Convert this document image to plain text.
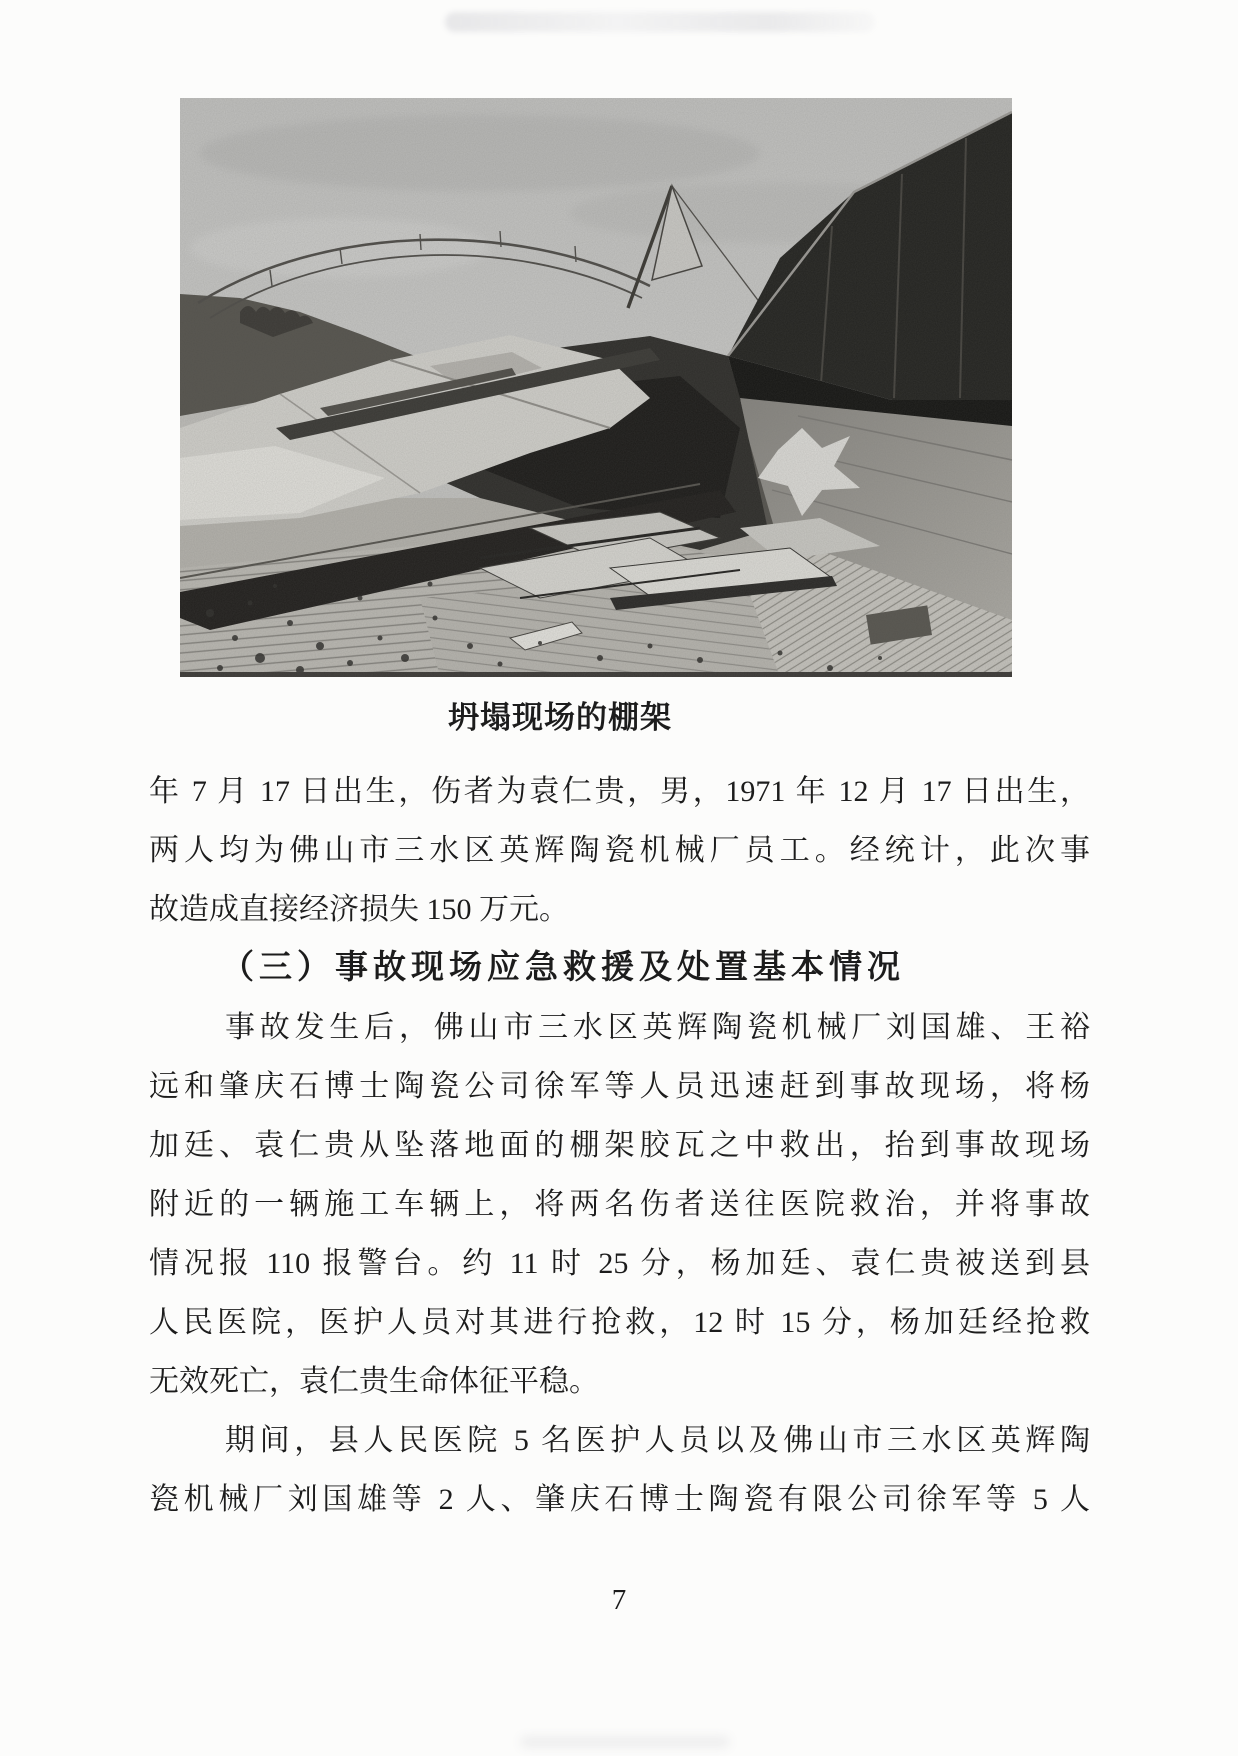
坍塌现场的棚架

年 7 月 17 日出生，伤者为袁仁贵，男，1971 年 12 月 17 日出生，

两人均为佛山市三水区英辉陶瓷机械厂员工。经统计，此次事

故造成直接经济损失 150 万元。

（三）事故现场应急救援及处置基本情况

事故发生后，佛山市三水区英辉陶瓷机械厂刘国雄、王裕

远和肇庆石博士陶瓷公司徐军等人员迅速赶到事故现场，将杨

加廷、袁仁贵从坠落地面的棚架胶瓦之中救出，抬到事故现场

附近的一辆施工车辆上，将两名伤者送往医院救治，并将事故

情况报 110 报警台。约 11 时 25 分，杨加廷、袁仁贵被送到县

人民医院，医护人员对其进行抢救，12 时 15 分，杨加廷经抢救

无效死亡，袁仁贵生命体征平稳。

期间，县人民医院 5 名医护人员以及佛山市三水区英辉陶

瓷机械厂刘国雄等 2 人、肇庆石博士陶瓷有限公司徐军等 5 人

7
